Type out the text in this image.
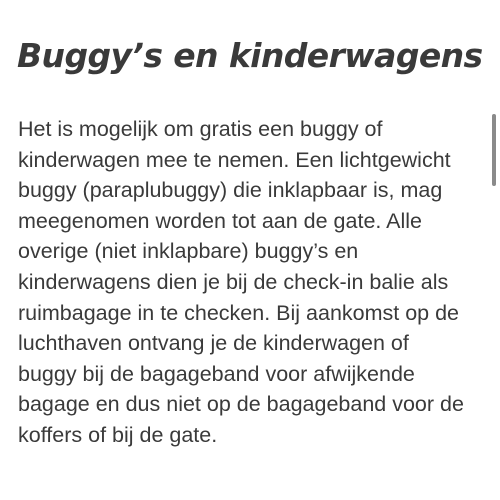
Buggy’s en kinderwagens

Het is mogelijk om gratis een buggy of
kinderwagen mee te nemen. Een lichtgewicht
buggy (paraplubuggy) die inklapbaar is, mag
meegenomen worden tot aan de gate. Alle
overige (niet inklapbare) buggy’s en
kinderwagens dien je bij de check-in balie als
ruimbagage in te checken. Bij aankomst op de
luchthaven ontvang je de kinderwagen of
buggy bij de bagageband voor afwijkende
bagage en dus niet op de bagageband voor de
koffers of bij de gate.
